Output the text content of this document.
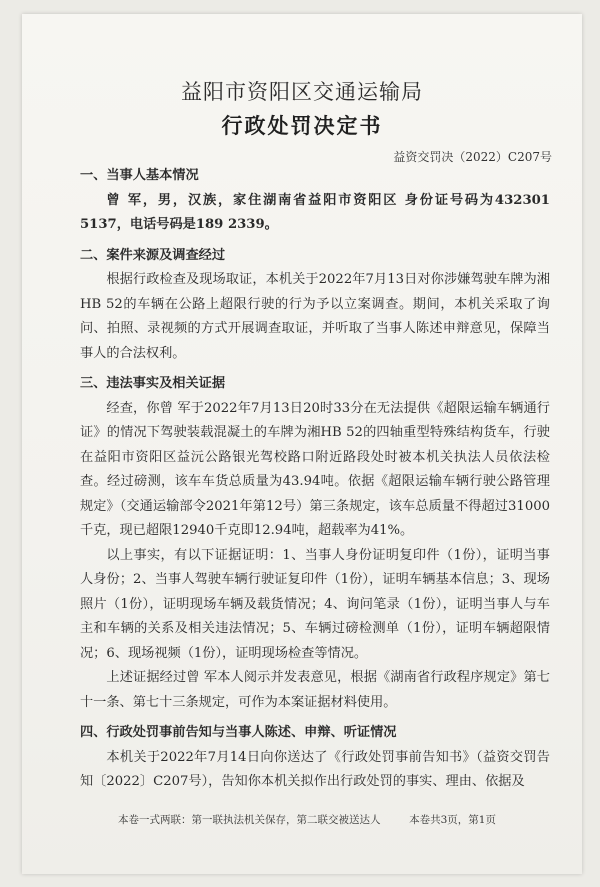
益阳市资阳区交通运输局
行政处罚决定书
益资交罚决（2022）C207号
一、当事人基本情况

曾 军，男，汉族，家住湖南省益阳市资阳区 身份证号码为432301 5137，电话号码是189 2339。

二、案件来源及调查经过

根据行政检查及现场取证，本机关于2022年7月13日对你涉嫌驾驶车牌为湘HB 52的车辆在公路上超限行驶的行为予以立案调查。期间，本机关采取了询问、拍照、录视频的方式开展调查取证，并听取了当事人陈述申辩意见，保障当事人的合法权利。

三、违法事实及相关证据

经查，你曾 军于2022年7月13日20时33分在无法提供《超限运输车辆通行证》的情况下驾驶装载混凝土的车牌为湘HB 52的四轴重型特殊结构货车，行驶在益阳市资阳区益沅公路银光驾校路口附近路段处时被本机关执法人员依法检查。经过磅测，该车车货总质量为43.94吨。依据《超限运输车辆行驶公路管理规定》（交通运输部令2021年第12号）第三条规定，该车总质量不得超过31000千克，现已超限12940千克即12.94吨，超载率为41%。

以上事实，有以下证据证明：1、当事人身份证明复印件（1份），证明当事人身份；2、当事人驾驶车辆行驶证复印件（1份），证明车辆基本信息；3、现场照片（1份），证明现场车辆及载货情况；4、询问笔录（1份），证明当事人与车主和车辆的关系及相关违法情况；5、车辆过磅检测单（1份），证明车辆超限情况；6、现场视频（1份），证明现场检查等情况。

上述证据经过曾 军本人阅示并发表意见，根据《湖南省行政程序规定》第七十一条、第七十三条规定，可作为本案证据材料使用。

四、行政处罚事前告知与当事人陈述、申辩、听证情况

本机关于2022年7月14日向你送达了《行政处罚事前告知书》（益资交罚告知〔2022〕C207号），告知你本机关拟作出行政处罚的事实、理由、依据及

本卷一式两联：第一联执法机关保存，第二联交被送达人	本卷共3页，第1页
